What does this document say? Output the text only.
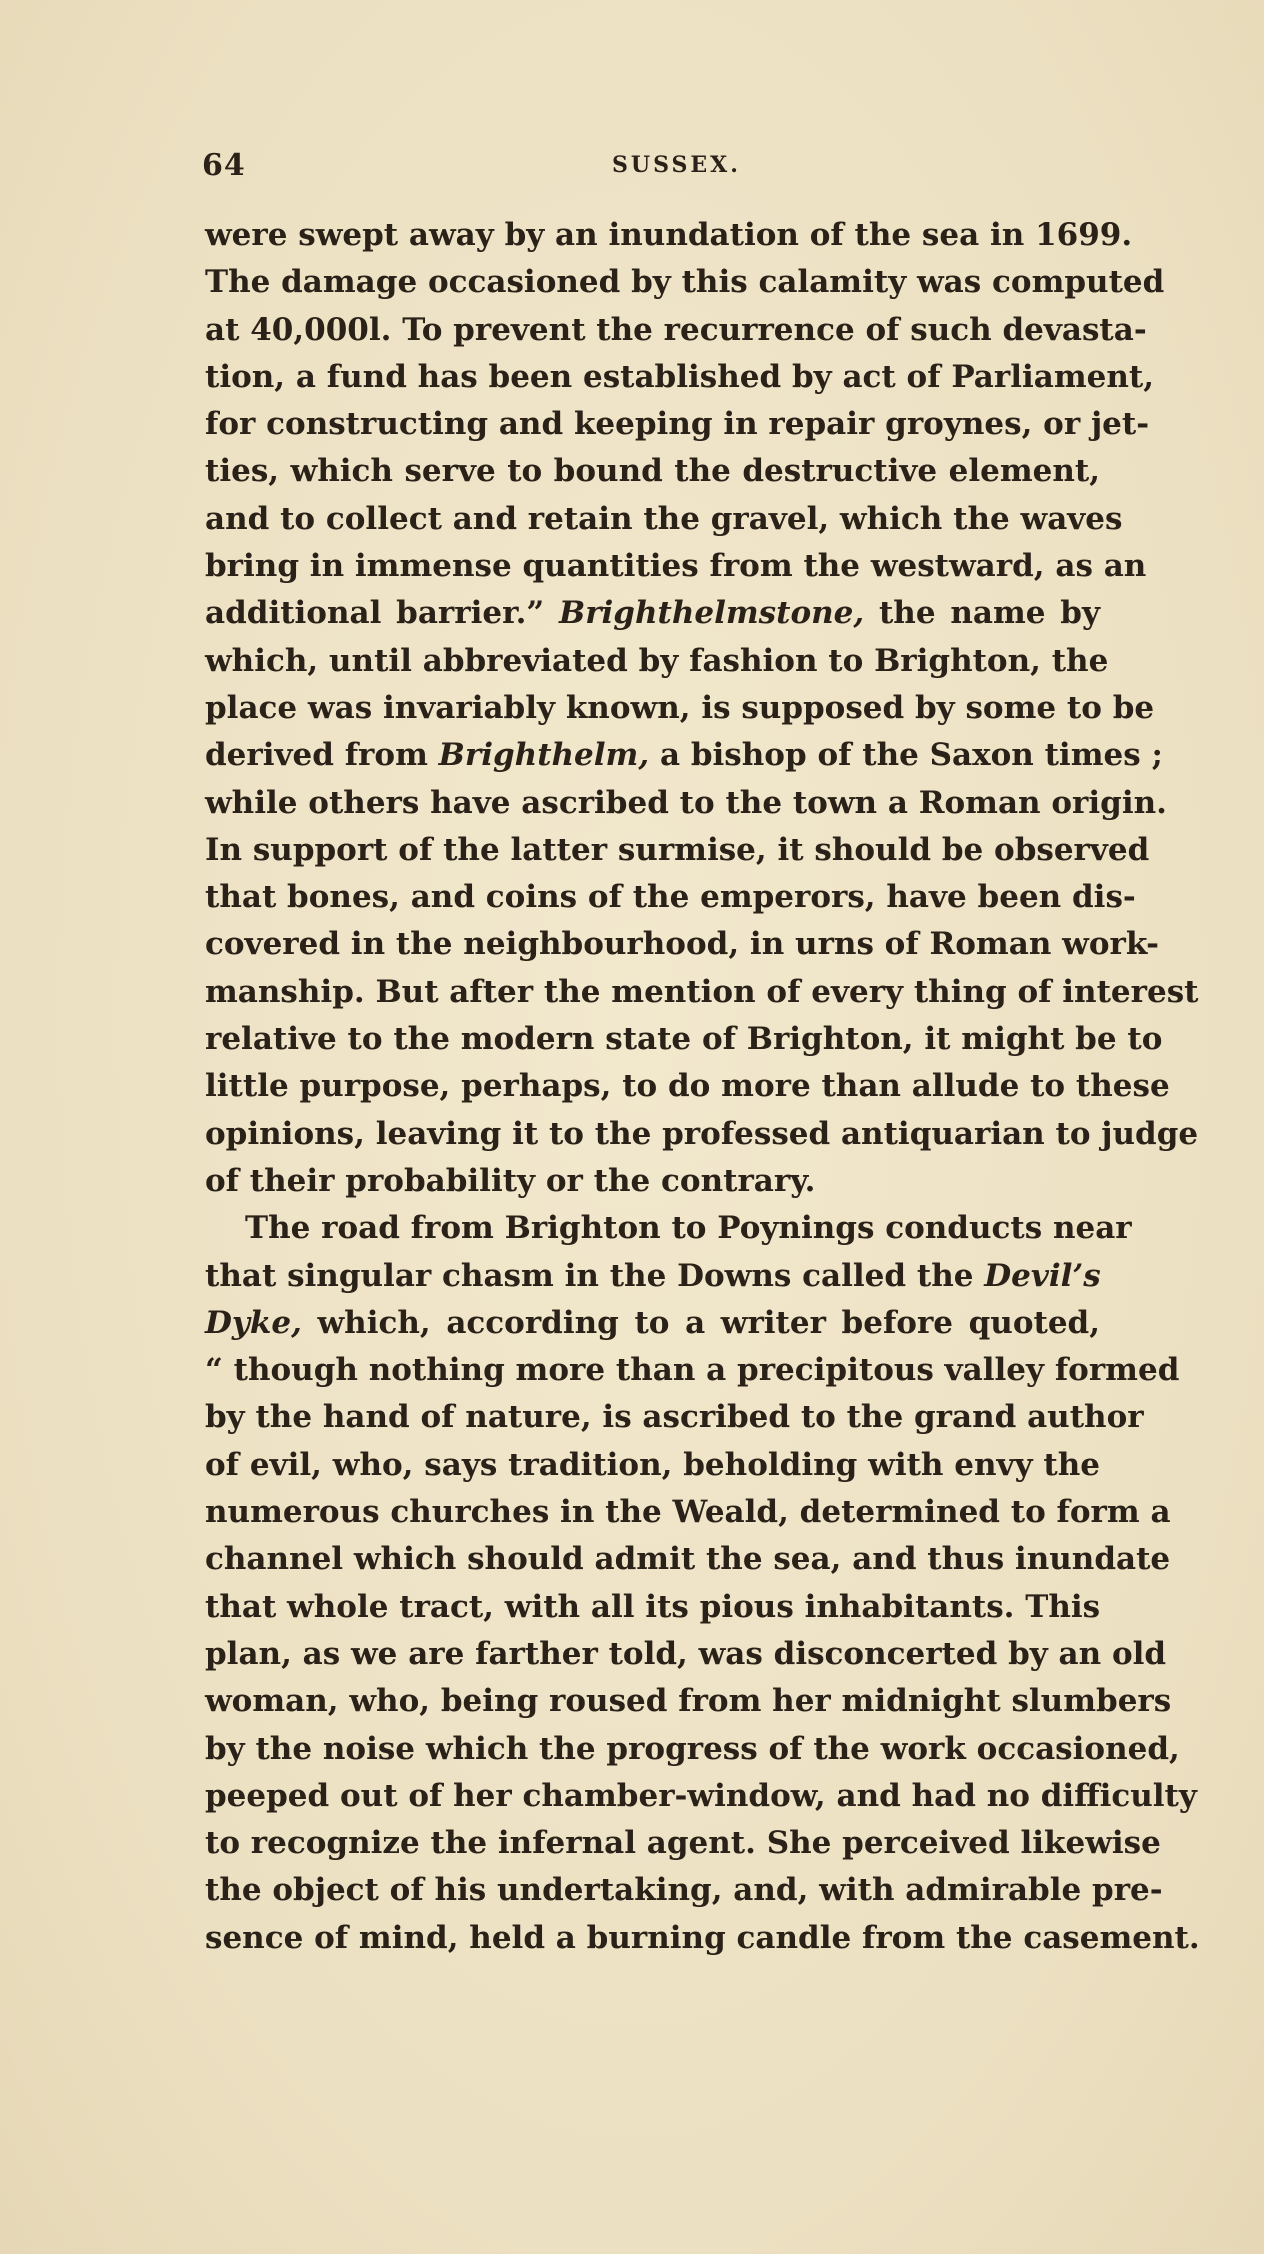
64	SUSSEX.
were swept away by an inundation of the sea in 1699.
The damage occasioned by this calamity was computed
at 40,000l. To prevent the recurrence of such devasta-
tion, a fund has been established by act of Parliament,
for constructing and keeping in repair groynes, or jet-
ties, which serve to bound the destructive element,
and to collect and retain the gravel, which the waves
bring in immense quantities from the westward, as an
additional barrier.” Brighthelmstone, the name by
which, until abbreviated by fashion to Brighton, the
place was invariably known, is supposed by some to be
derived from Brighthelm, a bishop of the Saxon times ;
while others have ascribed to the town a Roman origin.
In support of the latter surmise, it should be observed
that bones, and coins of the emperors, have been dis-
covered in the neighbourhood, in urns of Roman work-
manship. But after the mention of every thing of interest
relative to the modern state of Brighton, it might be to
little purpose, perhaps, to do more than allude to these
opinions, leaving it to the professed antiquarian to judge
of their probability or the contrary.
The road from Brighton to Poynings conducts near
that singular chasm in the Downs called the Devil’s
Dyke, which, according to a writer before quoted,
“ though nothing more than a precipitous valley formed
by the hand of nature, is ascribed to the grand author
of evil, who, says tradition, beholding with envy the
numerous churches in the Weald, determined to form a
channel which should admit the sea, and thus inundate
that whole tract, with all its pious inhabitants. This
plan, as we are farther told, was disconcerted by an old
woman, who, being roused from her midnight slumbers
by the noise which the progress of the work occasioned,
peeped out of her chamber-window, and had no difficulty
to recognize the infernal agent. She perceived likewise
the object of his undertaking, and, with admirable pre-
sence of mind, held a burning candle from the casement.
